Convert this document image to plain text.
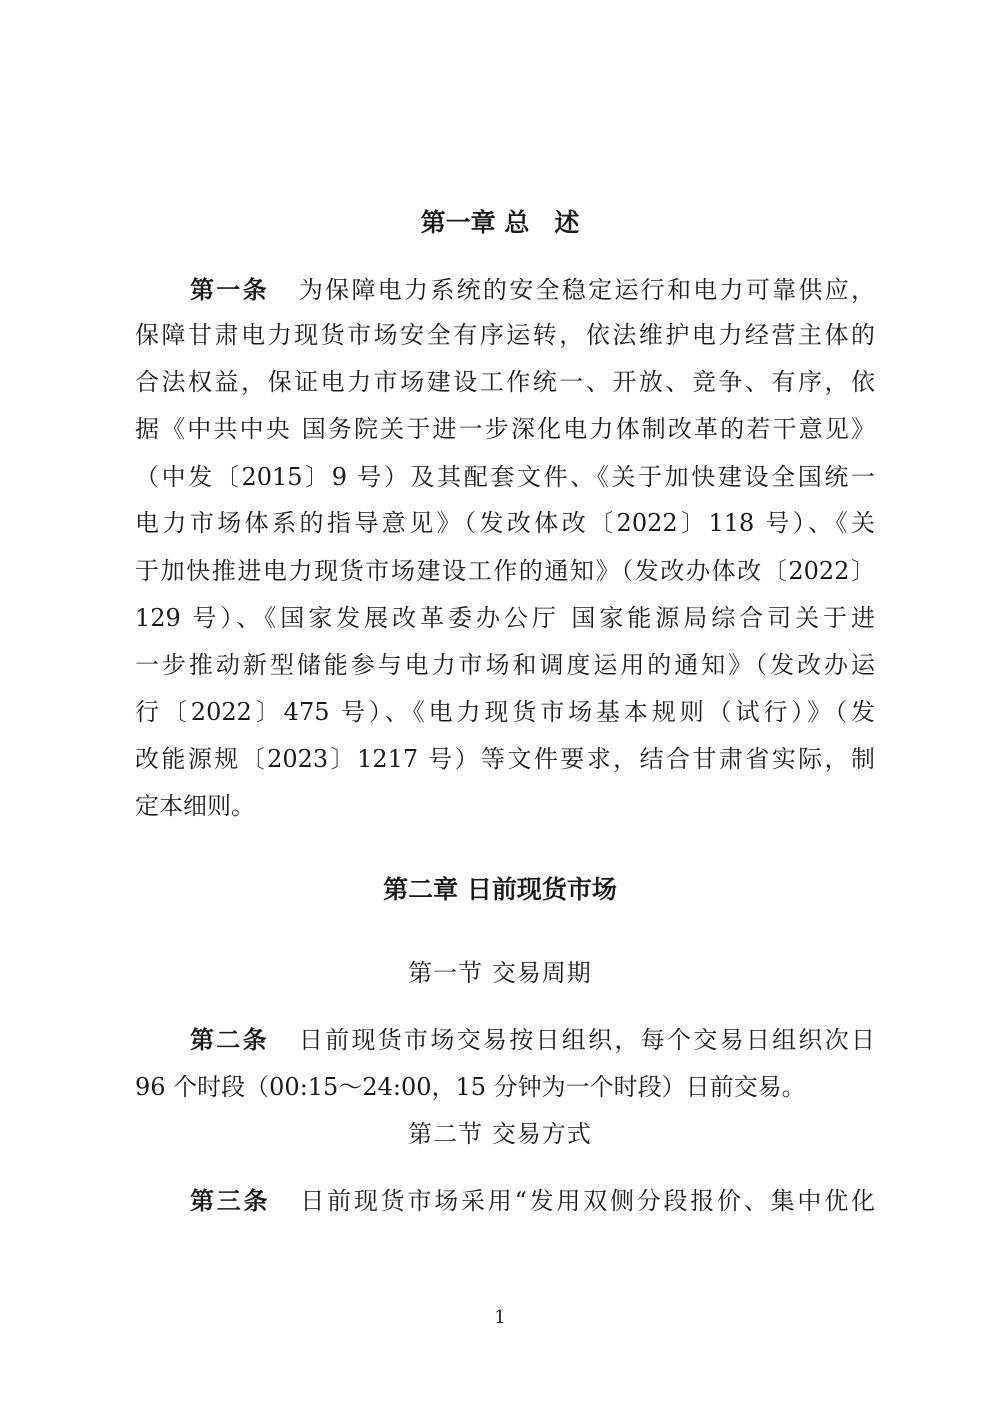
第一章 总　述
第一条 为保障电力系统的安全稳定运行和电力可靠供应，
保障甘肃电力现货市场安全有序运转，依法维护电力经营主体的
合法权益，保证电力市场建设工作统一、开放、竞争、有序，依
据《中共中央 国务院关于进一步深化电力体制改革的若干意见》
（中发〔2015〕9 号）及其配套文件、《关于加快建设全国统一
电力市场体系的指导意见》（发改体改〔2022〕118 号）、《关
于加快推进电力现货市场建设工作的通知》（发改办体改〔2022〕
129 号）、《国家发展改革委办公厅 国家能源局综合司关于进
一步推动新型储能参与电力市场和调度运用的通知》（发改办运
行〔2022〕475 号）、《电力现货市场基本规则（试行）》（发
改能源规〔2023〕1217 号）等文件要求，结合甘肃省实际，制
定本细则。
第二章 日前现货市场
第一节 交易周期
第二条 日前现货市场交易按日组织，每个交易日组织次日
96 个时段（00:15～24:00，15 分钟为一个时段）日前交易。
第二节 交易方式
第三条 日前现货市场采用“发用双侧分段报价、集中优化
1
